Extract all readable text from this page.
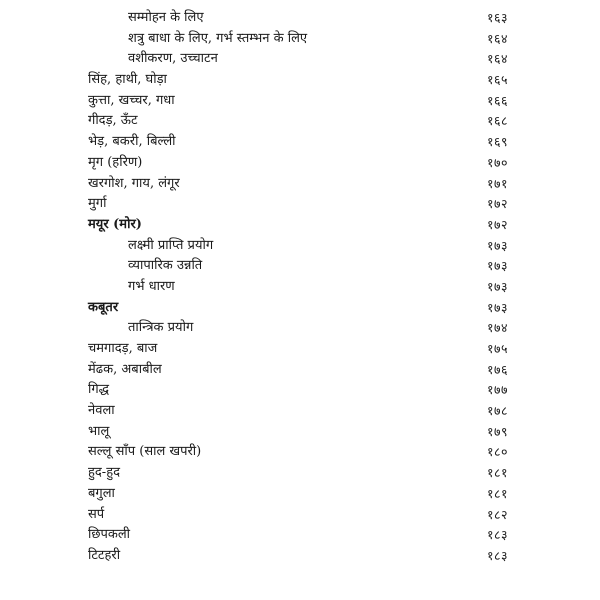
सम्मोहन के लिए	१६३
शत्रु बाधा के लिए, गर्भ स्तम्भन के लिए	१६४
वशीकरण, उच्चाटन	१६४
सिंह, हाथी, घोड़ा	१६५
कुत्ता, खच्चर, गधा	१६६
गीदड़, ऊँट	१६८
भेड़, बकरी, बिल्ली	१६९
मृग (हरिण)	१७०
खरगोश, गाय, लंगूर	१७१
मुर्गा	१७२
मयूर (मोर)	१७२
लक्ष्मी प्राप्ति प्रयोग	१७३
व्यापारिक उन्नति	१७३
गर्भ धारण	१७३
कबूतर	१७३
तान्त्रिक प्रयोग	१७४
चमगादड़, बाज	१७५
मेंढक, अबाबील	१७६
गिद्ध	१७७
नेवला	१७८
भालू	१७९
सल्लू साँप (साल खपरी)	१८०
हुद-हुद	१८१
बगुला	१८१
सर्प	१८२
छिपकली	१८३
टिटहरी	१८३
